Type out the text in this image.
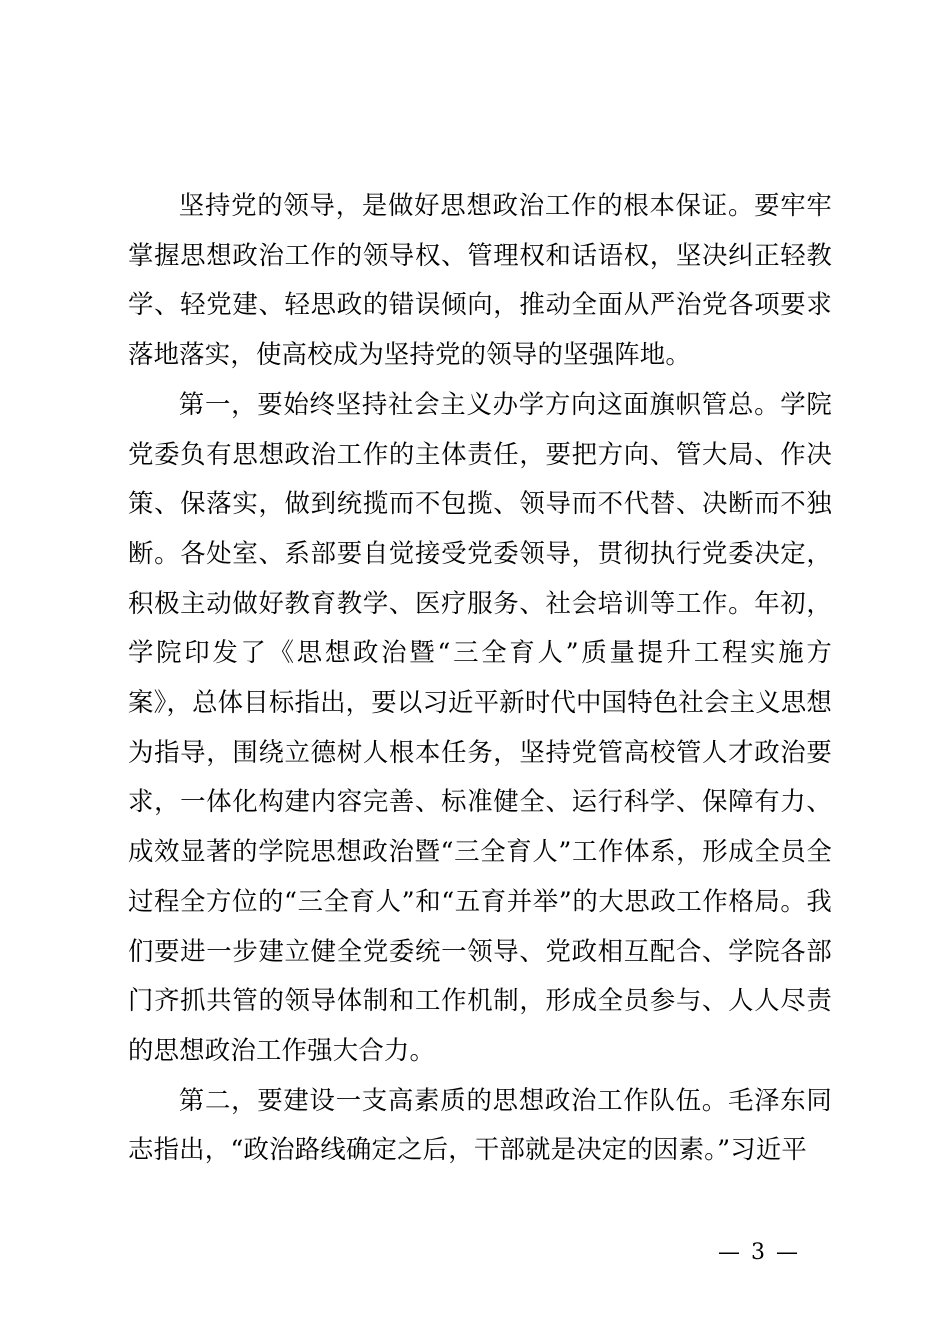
坚持党的领导，是做好思想政治工作的根本保证。要牢牢掌握思想政治工作的领导权、管理权和话语权，坚决纠正轻教学、轻党建、轻思政的错误倾向，推动全面从严治党各项要求落地落实，使高校成为坚持党的领导的坚强阵地。

第一，要始终坚持社会主义办学方向这面旗帜管总。学院党委负有思想政治工作的主体责任，要把方向、管大局、作决策、保落实，做到统揽而不包揽、领导而不代替、决断而不独断。各处室、系部要自觉接受党委领导，贯彻执行党委决定，积极主动做好教育教学、医疗服务、社会培训等工作。年初，学院印发了《思想政治暨“三全育人”质量提升工程实施方案》，总体目标指出，要以习近平新时代中国特色社会主义思想为指导，围绕立德树人根本任务，坚持党管高校管人才政治要求，一体化构建内容完善、标准健全、运行科学、保障有力、成效显著的学院思想政治暨“三全育人”工作体系，形成全员全过程全方位的“三全育人”和“五育并举”的大思政工作格局。我们要进一步建立健全党委统一领导、党政相互配合、学院各部门齐抓共管的领导体制和工作机制，形成全员参与、人人尽责的思想政治工作强大合力。

第二，要建设一支高素质的思想政治工作队伍。毛泽东同志指出，“政治路线确定之后，干部就是决定的因素。”习近平

— 3 —
